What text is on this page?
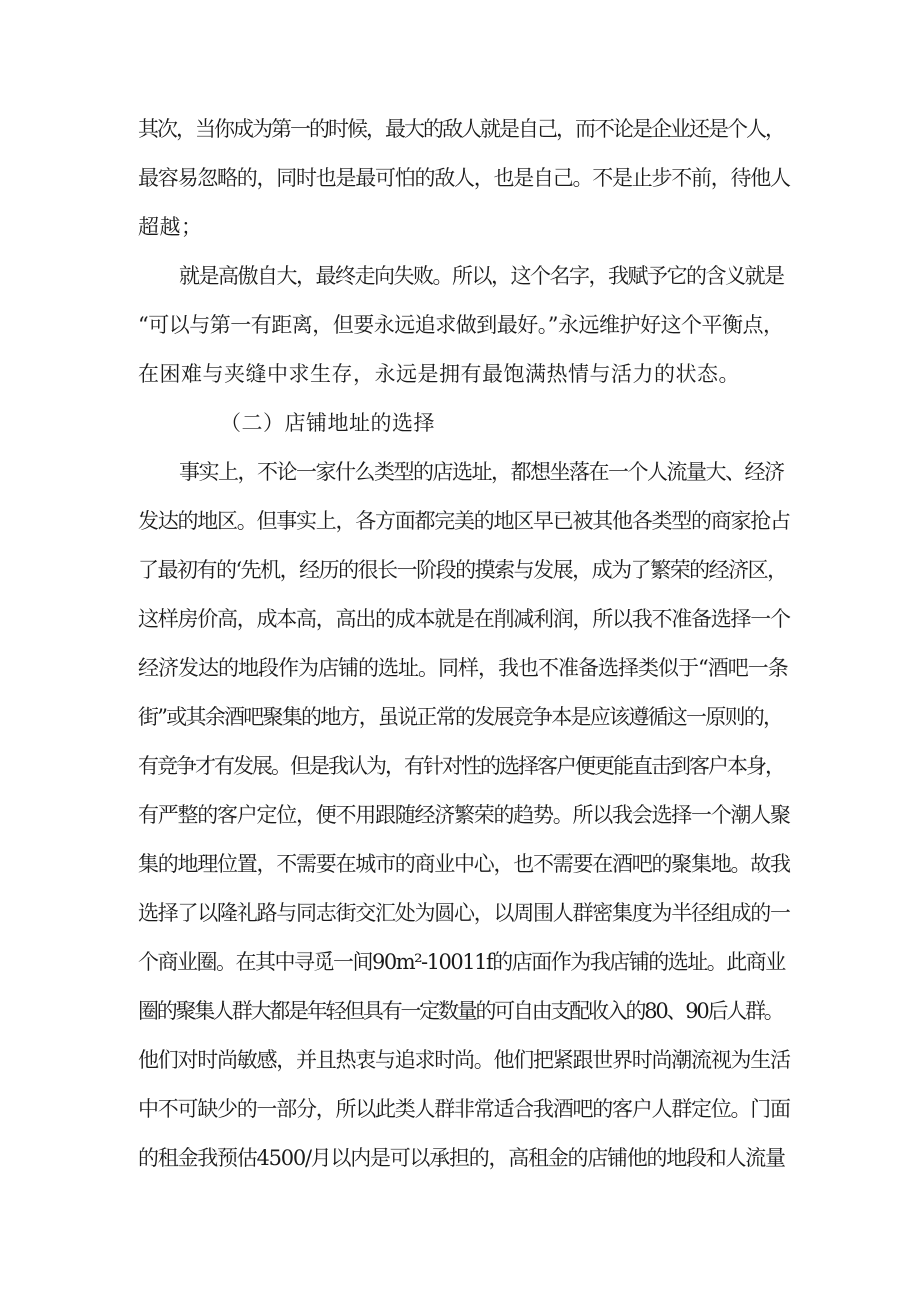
其次，当你成为第一的时候，最大的敌人就是自己，而不论是企业还是个人，
最容易忽略的，同时也是最可怕的敌人，也是自己。不是止步不前，待他人
超越；
就是高傲自大，最终走向失败。所以，这个名字，我赋予它的含义就是
“可以与第一有距离，但要永远追求做到最好。”永远维护好这个平衡点，
在困难与夹缝中求生存，永远是拥有最饱满热情与活力的状态。
（二）店铺地址的选择
事实上，不论一家什么类型的店选址，都想坐落在一个人流量大、经济
发达的地区。但事实上，各方面都完美的地区早已被其他各类型的商家抢占
了最初有的‘先机，经历的很长一阶段的摸索与发展，成为了繁荣的经济区，
这样房价高，成本高，高出的成本就是在削减利润，所以我不准备选择一个
经济发达的地段作为店铺的选址。同样，我也不准备选择类似于“酒吧一条
街”或其余酒吧聚集的地方，虽说正常的发展竞争本是应该遵循这一原则的，
有竞争才有发展。但是我认为，有针对性的选择客户便更能直击到客户本身，
有严整的客户定位，便不用跟随经济繁荣的趋势。所以我会选择一个潮人聚
集的地理位置，不需要在城市的商业中心，也不需要在酒吧的聚集地。故我
选择了以隆礼路与同志街交汇处为圆心，以周围人群密集度为半径组成的一
个商业圈。在其中寻觅一间90m²-10011f的店面作为我店铺的选址。此商业
圈的聚集人群大都是年轻但具有一定数量的可自由支配收入的80、90后人群。
他们对时尚敏感，并且热衷与追求时尚。他们把紧跟世界时尚潮流视为生活
中不可缺少的一部分，所以此类人群非常适合我酒吧的客户人群定位。门面
的租金我预估4500/月以内是可以承担的，高租金的店铺他的地段和人流量
